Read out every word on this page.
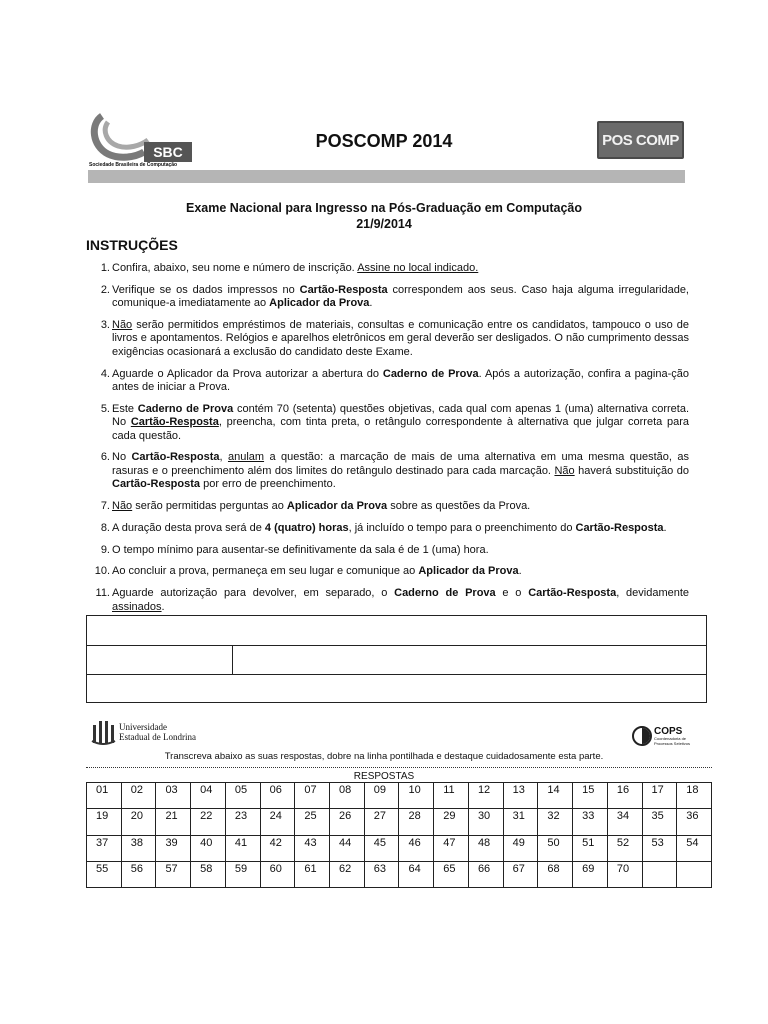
SBC
Sociedade Brasileira de Computação
POSCOMP 2014	POS COMP
Exame Nacional para Ingresso na Pós-Graduação em Computação
21/9/2014
INSTRUÇÕES
1. Confira, abaixo, seu nome e número de inscrição. Assine no local indicado.
2. Verifique se os dados impressos no Cartão-Resposta correspondem aos seus. Caso haja alguma irregularidade, comunique-a imediatamente ao Aplicador da Prova.
3. Não serão permitidos empréstimos de materiais, consultas e comunicação entre os candidatos, tampouco o uso de livros e apontamentos. Relógios e aparelhos eletrônicos em geral deverão ser desligados. O não cumprimento dessas exigências ocasionará a exclusão do candidato deste Exame.
4. Aguarde o Aplicador da Prova autorizar a abertura do Caderno de Prova. Após a autorização, confira a pagina-ção antes de iniciar a Prova.
5. Este Caderno de Prova contém 70 (setenta) questões objetivas, cada qual com apenas 1 (uma) alternativa correta. No Cartão-Resposta, preencha, com tinta preta, o retângulo correspondente à alternativa que julgar correta para cada questão.
6. No Cartão-Resposta, anulam a questão: a marcação de mais de uma alternativa em uma mesma questão, as rasuras e o preenchimento além dos limites do retângulo destinado para cada marcação. Não haverá substituição do Cartão-Resposta por erro de preenchimento.
7. Não serão permitidas perguntas ao Aplicador da Prova sobre as questões da Prova.
8. A duração desta prova será de 4 (quatro) horas, já incluído o tempo para o preenchimento do Cartão-Resposta.
9. O tempo mínimo para ausentar-se definitivamente da sala é de 1 (uma) hora.
10. Ao concluir a prova, permaneça em seu lugar e comunique ao Aplicador da Prova.
11. Aguarde autorização para devolver, em separado, o Caderno de Prova e o Cartão-Resposta, devidamente assinados.
Universidade
Estadual de Londrina	COPS
Coordenadoria de
Processos Seletivos
Transcreva abaixo as suas respostas, dobre na linha pontilhada e destaque cuidadosamente esta parte.
RESPOSTAS
01	02	03	04	05	06	07	08	09	10	11	12	13	14	15	16	17	18
19	20	21	22	23	24	25	26	27	28	29	30	31	32	33	34	35	36
37	38	39	40	41	42	43	44	45	46	47	48	49	50	51	52	53	54
55	56	57	58	59	60	61	62	63	64	65	66	67	68	69	70
